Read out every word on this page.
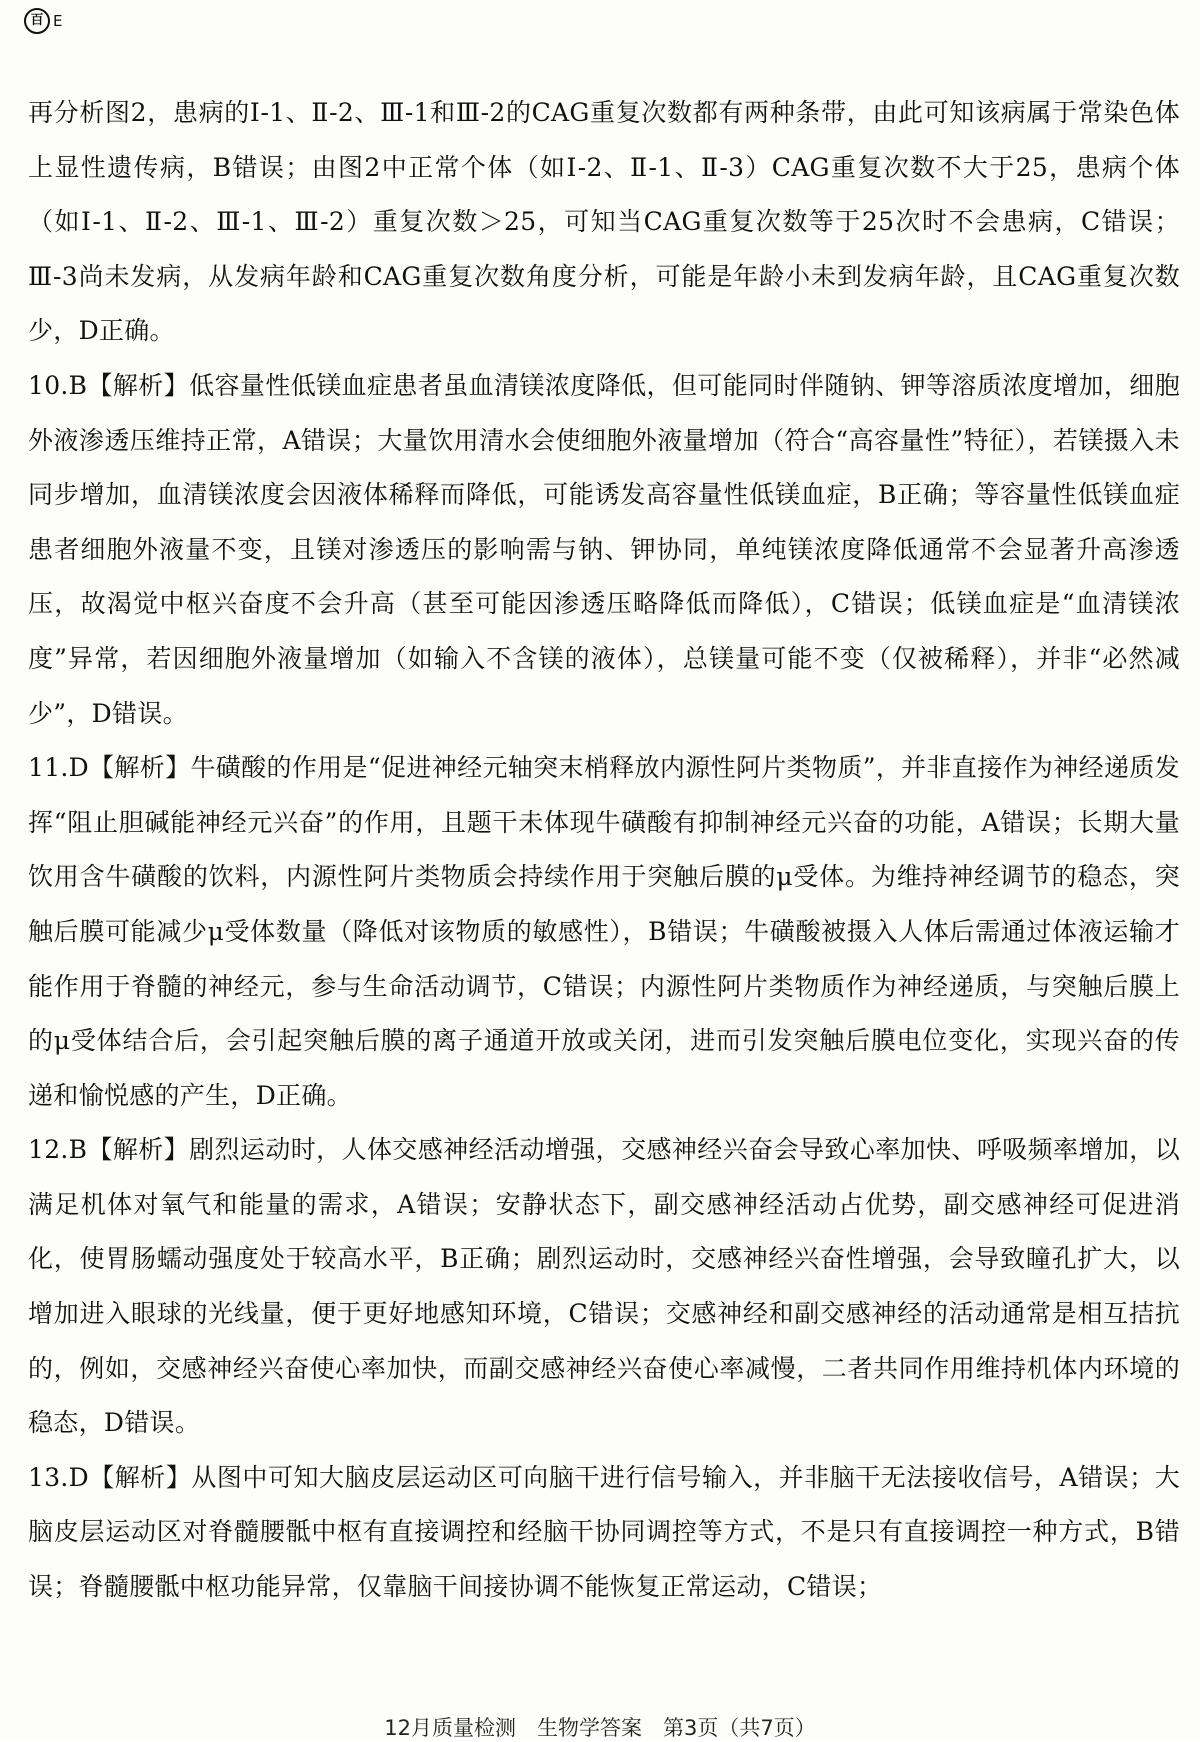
百 E

再分析图2，患病的Ⅰ-1、Ⅱ-2、Ⅲ-1和Ⅲ-2的CAG重复次数都有两种条带，由此可知该病属于常染色体上显性遗传病，B错误；由图2中正常个体（如Ⅰ-2、Ⅱ-1、Ⅱ-3）CAG重复次数不大于25，患病个体（如Ⅰ-1、Ⅱ-2、Ⅲ-1、Ⅲ-2）重复次数＞25，可知当CAG重复次数等于25次时不会患病，C错误；Ⅲ-3尚未发病，从发病年龄和CAG重复次数角度分析，可能是年龄小未到发病年龄，且CAG重复次数少，D正确。

10.B【解析】低容量性低镁血症患者虽血清镁浓度降低，但可能同时伴随钠、钾等溶质浓度增加，细胞外液渗透压维持正常，A错误；大量饮用清水会使细胞外液量增加（符合“高容量性”特征），若镁摄入未同步增加，血清镁浓度会因液体稀释而降低，可能诱发高容量性低镁血症，B正确；等容量性低镁血症患者细胞外液量不变，且镁对渗透压的影响需与钠、钾协同，单纯镁浓度降低通常不会显著升高渗透压，故渴觉中枢兴奋度不会升高（甚至可能因渗透压略降低而降低），C错误；低镁血症是“血清镁浓度”异常，若因细胞外液量增加（如输入不含镁的液体），总镁量可能不变（仅被稀释），并非“必然减少”，D错误。

11.D【解析】牛磺酸的作用是“促进神经元轴突末梢释放内源性阿片类物质”，并非直接作为神经递质发挥“阻止胆碱能神经元兴奋”的作用，且题干未体现牛磺酸有抑制神经元兴奋的功能，A错误；长期大量饮用含牛磺酸的饮料，内源性阿片类物质会持续作用于突触后膜的μ受体。为维持神经调节的稳态，突触后膜可能减少μ受体数量（降低对该物质的敏感性），B错误；牛磺酸被摄入人体后需通过体液运输才能作用于脊髓的神经元，参与生命活动调节，C错误；内源性阿片类物质作为神经递质，与突触后膜上的μ受体结合后，会引起突触后膜的离子通道开放或关闭，进而引发突触后膜电位变化，实现兴奋的传递和愉悦感的产生，D正确。

12.B【解析】剧烈运动时，人体交感神经活动增强，交感神经兴奋会导致心率加快、呼吸频率增加，以满足机体对氧气和能量的需求，A错误；安静状态下，副交感神经活动占优势，副交感神经可促进消化，使胃肠蠕动强度处于较高水平，B正确；剧烈运动时，交感神经兴奋性增强，会导致瞳孔扩大，以增加进入眼球的光线量，便于更好地感知环境，C错误；交感神经和副交感神经的活动通常是相互拮抗的，例如，交感神经兴奋使心率加快，而副交感神经兴奋使心率减慢，二者共同作用维持机体内环境的稳态，D错误。

13.D【解析】从图中可知大脑皮层运动区可向脑干进行信号输入，并非脑干无法接收信号，A错误；大脑皮层运动区对脊髓腰骶中枢有直接调控和经脑干协同调控等方式，不是只有直接调控一种方式，B错误；脊髓腰骶中枢功能异常，仅靠脑干间接协调不能恢复正常运动，C错误；

12月质量检测　生物学答案　第3页（共7页）
